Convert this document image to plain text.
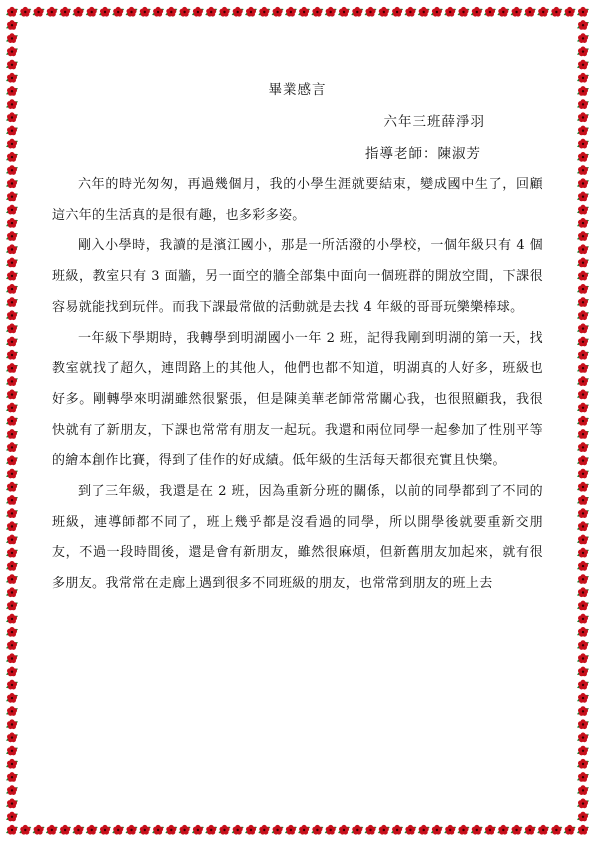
畢業感言

六年三班薛淨羽

指導老師：陳淑芳

六年的時光匆匆，再過幾個月，我的小學生涯就要結束，變成國中生了，回顧這六年的生活真的是很有趣，也多彩多姿。

剛入小學時，我讀的是濱江國小，那是一所活潑的小學校，一個年級只有 4 個班級，教室只有 3 面牆，另一面空的牆全部集中面向一個班群的開放空間，下課很容易就能找到玩伴。而我下課最常做的活動就是去找 4 年級的哥哥玩樂樂棒球。

一年級下學期時，我轉學到明湖國小一年 2 班，記得我剛到明湖的第一天，找教室就找了超久，連問路上的其他人，他們也都不知道，明湖真的人好多，班級也好多。剛轉學來明湖雖然很緊張，但是陳美華老師常常關心我，也很照顧我，我很快就有了新朋友，下課也常常有朋友一起玩。我還和兩位同學一起參加了性別平等的繪本創作比賽，得到了佳作的好成績。低年級的生活每天都很充實且快樂。

到了三年級，我還是在 2 班，因為重新分班的關係，以前的同學都到了不同的班級，連導師都不同了，班上幾乎都是沒看過的同學，所以開學後就要重新交朋友，不過一段時間後，還是會有新朋友，雖然很麻煩，但新舊朋友加起來，就有很多朋友。我常常在走廊上遇到很多不同班級的朋友，也常常到朋友的班上去
